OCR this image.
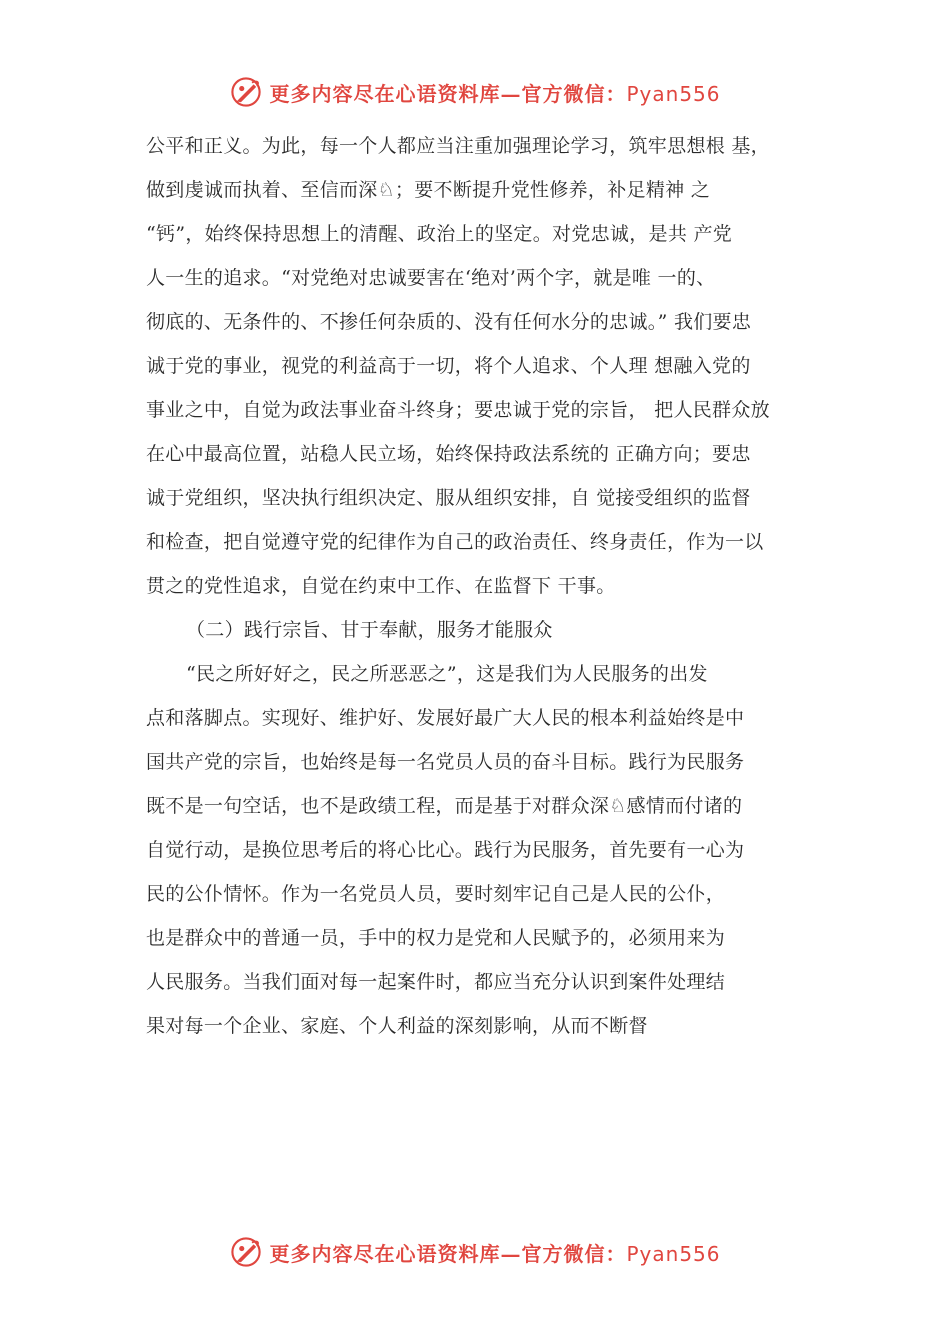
更多内容尽在心语资料库—官方微信：Pyan556
公平和正义。为此，每一个人都应当注重加强理论学习，筑牢思想根 基，
做到虔诚而执着、至信而深♘；要不断提升党性修养，补足精神 之
“钙”，始终保持思想上的清醒、政治上的坚定。对党忠诚，是共 产党
人一生的追求。“对党绝对忠诚要害在‘绝对’两个字，就是唯 一的、
彻底的、无条件的、不掺任何杂质的、没有任何水分的忠诚。” 我们要忠
诚于党的事业，视党的利益高于一切，将个人追求、个人理 想融入党的
事业之中，自觉为政法事业奋斗终身；要忠诚于党的宗旨， 把人民群众放
在心中最高位置，站稳人民立场，始终保持政法系统的 正确方向；要忠
诚于党组织，坚决执行组织决定、服从组织安排，自 觉接受组织的监督
和检查，把自觉遵守党的纪律作为自己的政治责任、终身责任，作为一以
贯之的党性追求，自觉在约束中工作、在监督下 干事。
（二）践行宗旨、甘于奉献，服务才能服众
“民之所好好之，民之所恶恶之”，这是我们为人民服务的出发
点和落脚点。实现好、维护好、发展好最广大人民的根本利益始终是中
国共产党的宗旨，也始终是每一名党员人员的奋斗目标。践行为民服务
既不是一句空话，也不是政绩工程，而是基于对群众深♘感情而付诸的
自觉行动，是换位思考后的将心比心。践行为民服务，首先要有一心为
民的公仆情怀。作为一名党员人员，要时刻牢记自己是人民的公仆，
也是群众中的普通一员，手中的权力是党和人民赋予的，必须用来为
人民服务。当我们面对每一起案件时，都应当充分认识到案件处理结
果对每一个企业、家庭、个人利益的深刻影响，从而不断督
更多内容尽在心语资料库—官方微信：Pyan556
